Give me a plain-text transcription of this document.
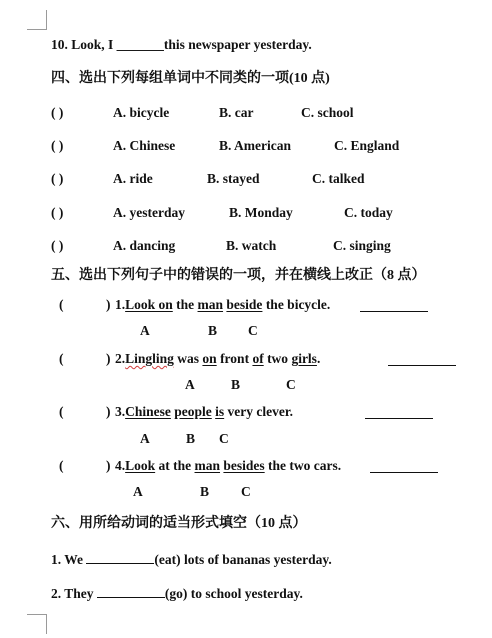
10. Look, I _______this newspaper yesterday.
四、选出下列每组单词中不同类的一项(10 点)
( )	A. bicycle	B. car	C. school
( )	A. Chinese	B. American	C. England
( )	A. ride	B. stayed	C. talked
( )	A. yesterday	B. Monday	C. today
( )	A. dancing	B. watch	C. singing
五、选出下列句子中的错误的一项，并在横线上改正（8 点）
(	) 1.Look on the man beside the bicycle.
A	B C
(	) 2.Lingling was on front of two girls.
A	B	C
(	) 3.Chinese people is very clever.
A	B C
(	) 4.Look at the man besides the two cars.
A	B C
六、用所给动词的适当形式填空（10 点）
1. We	(eat) lots of bananas yesterday.
2. They	(go) to school yesterday.
